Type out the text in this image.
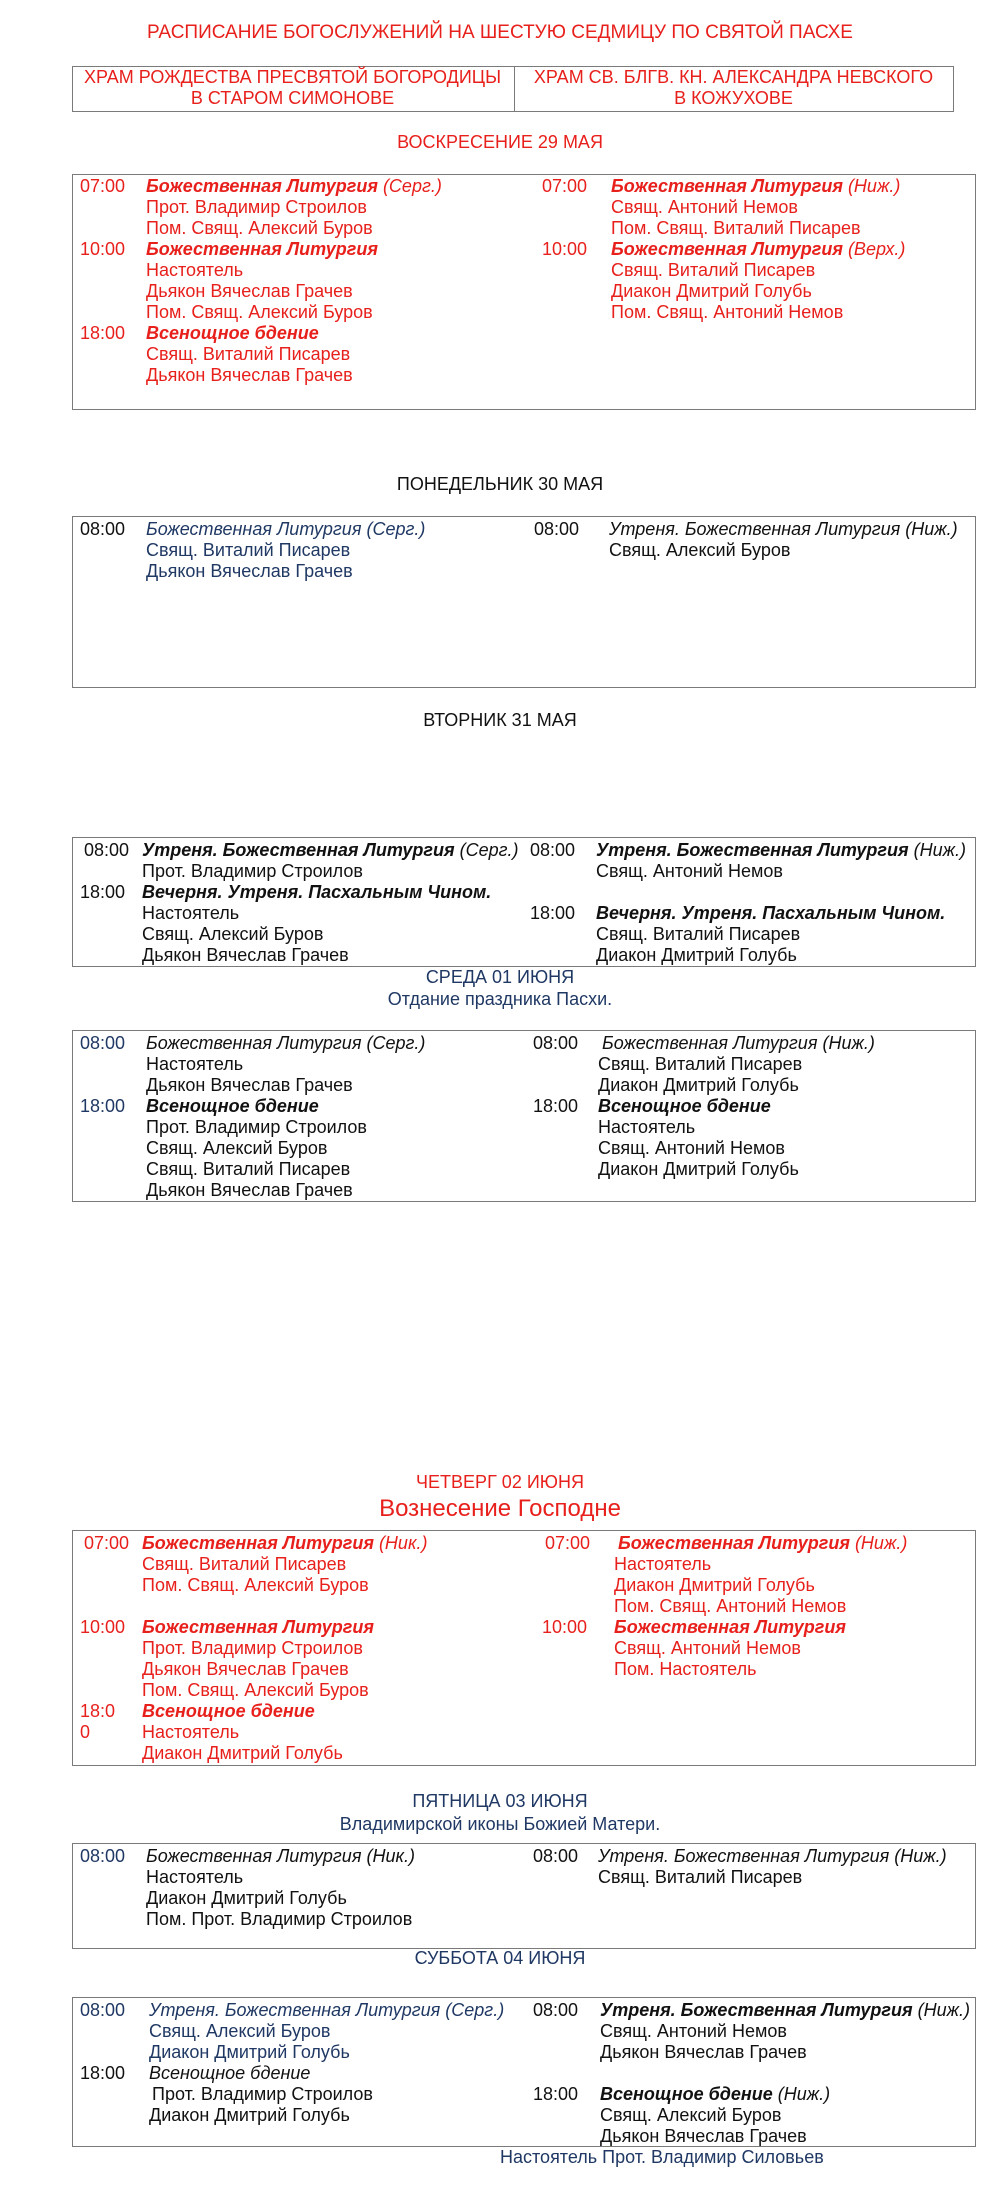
РАСПИСАНИЕ БОГОСЛУЖЕНИЙ НА ШЕСТУЮ СЕДМИЦУ ПО СВЯТОЙ ПАСХЕ
ХРАМ РОЖДЕСТВА ПРЕСВЯТОЙ БОГОРОДИЦЫ
В СТАРОМ СИМОНОВЕ
ХРАМ СВ. БЛГВ. КН. АЛЕКСАНДРА НЕВСКОГО
В КОЖУХОВЕ
ВОСКРЕСЕНИЕ 29 МАЯ
07:00 Божественная Литургия (Серг.)
Прот. Владимир Строилов
Пом. Свящ. Алексий Буров
10:00 Божественная Литургия
Настоятель
Дьякон Вячеслав Грачев
Пом. Свящ. Алексий Буров
18:00 Всенощное бдение
Свящ. Виталий Писарев
Дьякон Вячеслав Грачев
07:00 Божественная Литургия (Ниж.)
Свящ. Антоний Немов
Пом. Свящ. Виталий Писарев
10:00 Божественная Литургия (Верх.)
Свящ. Виталий Писарев
Диакон Дмитрий Голубь
Пом. Свящ. Антоний Немов
ПОНЕДЕЛЬНИК 30 МАЯ
08:00 Божественная Литургия (Серг.)
Свящ. Виталий Писарев
Дьякон Вячеслав Грачев
08:00 Утреня. Божественная Литургия (Ниж.)
Свящ. Алексий Буров
ВТОРНИК 31 МАЯ
08:00 Утреня. Божественная Литургия (Серг.)
Прот. Владимир Строилов
18:00 Вечерня. Утреня. Пасхальным Чином.
Настоятель
Свящ. Алексий Буров
Дьякон Вячеслав Грачев
08:00 Утреня. Божественная Литургия (Ниж.)
Свящ. Антоний Немов
18:00 Вечерня. Утреня. Пасхальным Чином.
Свящ. Виталий Писарев
Диакон Дмитрий Голубь
СРЕДА 01 ИЮНЯ
Отдание праздника Пасхи.
08:00 Божественная Литургия (Серг.)
Настоятель
Дьякон Вячеслав Грачев
18:00 Всенощное бдение
Прот. Владимир Строилов
Свящ. Алексий Буров
Свящ. Виталий Писарев
Дьякон Вячеслав Грачев
08:00 Божественная Литургия (Ниж.)
Свящ. Виталий Писарев
Диакон Дмитрий Голубь
18:00 Всенощное бдение
Настоятель
Свящ. Антоний Немов
Диакон Дмитрий Голубь
ЧЕТВЕРГ 02 ИЮНЯ
Вознесение Господне
07:00 Божественная Литургия (Ник.)
Свящ. Виталий Писарев
Пом. Свящ. Алексий Буров
10:00 Божественная Литургия
Прот. Владимир Строилов
Дьякон Вячеслав Грачев
Пом. Свящ. Алексий Буров
18:0
0
Всенощное бдение
Настоятель
Диакон Дмитрий Голубь
07:00 Божественная Литургия (Ниж.)
Настоятель
Диакон Дмитрий Голубь
Пом. Свящ. Антоний Немов
10:00 Божественная Литургия
Свящ. Антоний Немов
Пом. Настоятель
ПЯТНИЦА 03 ИЮНЯ
Владимирской иконы Божией Матери.
08:00 Божественная Литургия (Ник.)
Настоятель
Диакон Дмитрий Голубь
Пом. Прот. Владимир Строилов
08:00 Утреня. Божественная Литургия (Ниж.)
Свящ. Виталий Писарев
СУББОТА 04 ИЮНЯ
08:00 Утреня. Божественная Литургия (Серг.)
Свящ. Алексий Буров
Диакон Дмитрий Голубь
18:00 Всенощное бдение
Прот. Владимир Строилов
Диакон Дмитрий Голубь
08:00 Утреня. Божественная Литургия (Ниж.)
Свящ. Антоний Немов
Дьякон Вячеслав Грачев
18:00 Всенощное бдение (Ниж.)
Свящ. Алексий Буров
Дьякон Вячеслав Грачев
Настоятель Прот. Владимир Силовьев
